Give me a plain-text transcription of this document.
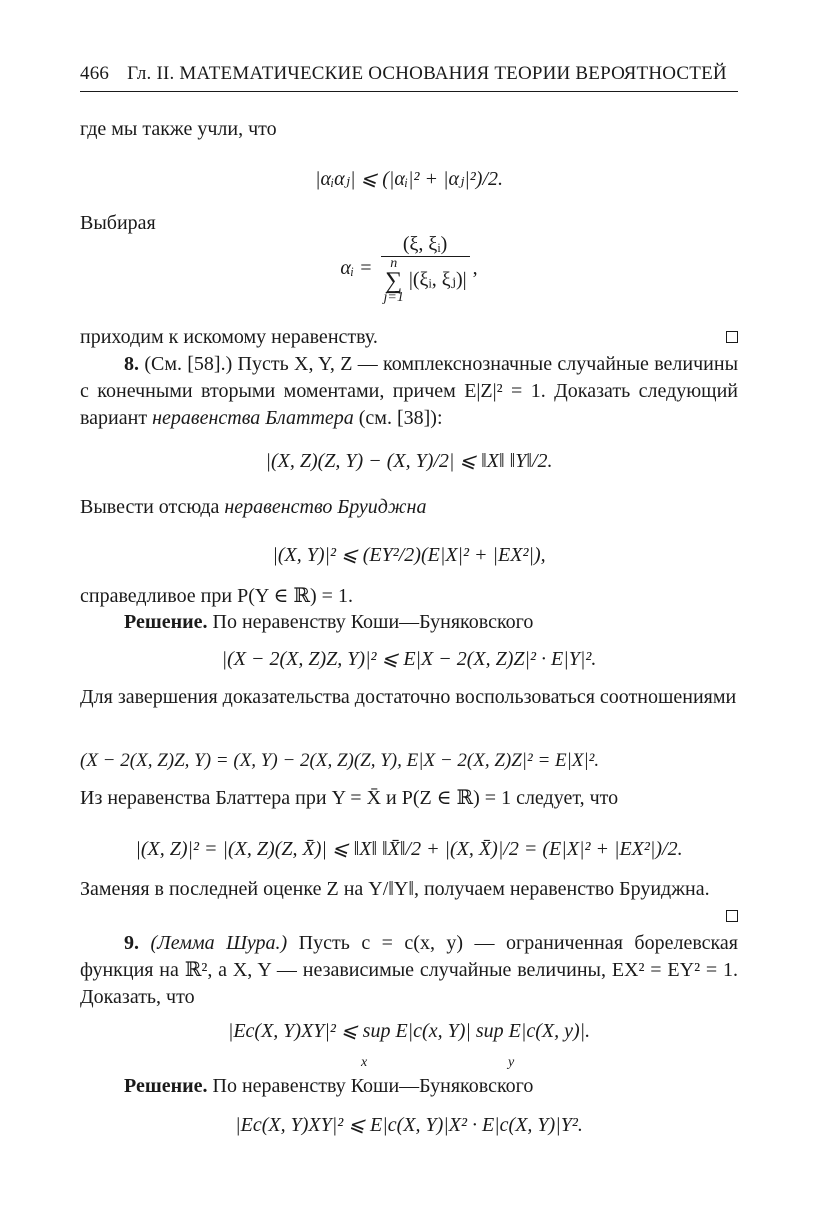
466 Гл. II. МАТЕМАТИЧЕСКИЕ ОСНОВАНИЯ ТЕОРИИ ВЕРОЯТНОСТЕЙ
где мы также учли, что
|αᵢαⱼ| ⩽ (|αᵢ|² + |αⱼ|²)/2.
Выбирая
αᵢ = (ξ, ξᵢ)
n
∑
j=1
|(ξᵢ, ξⱼ)| ,
приходим к искомому неравенству.
8. (См. [58].) Пусть X, Y, Z — комплекснозначные случайные величины с конечными вторыми моментами, причем E|Z|² = 1. Доказать следующий вариант неравенства Блаттера (см. [38]):
|(X, Z)(Z, Y) − (X, Y)/2| ⩽ ‖X‖ ‖Y‖/2.
Вывести отсюда неравенство Бруиджна
|(X, Y)|² ⩽ (EY²/2)(E|X|² + |EX²|),
справедливое при P(Y ∈ ℝ) = 1.
Решение. По неравенству Коши—Буняковского
|(X − 2(X, Z)Z, Y)|² ⩽ E|X − 2(X, Z)Z|² · E|Y|².
Для завершения доказательства достаточно воспользоваться соотношениями
(X − 2(X, Z)Z, Y) = (X, Y) − 2(X, Z)(Z, Y), E|X − 2(X, Z)Z|² = E|X|².
Из неравенства Блаттера при Y = X̄ и P(Z ∈ ℝ) = 1 следует, что
|(X, Z)|² = |(X, Z)(Z, X̄)| ⩽ ‖X‖ ‖X̄‖/2 + |(X, X̄)|/2 = (E|X|² + |EX²|)/2.
Заменяя в последней оценке Z на Y/‖Y‖, получаем неравенство Бруиджна.
9. (Лемма Шура.) Пусть c = c(x, y) — ограниченная борелевская функция на ℝ², а X, Y — независимые случайные величины, EX² = EY² = 1. Доказать, что
|Ec(X, Y)XY|² ⩽ sup E|c(x, Y)| sup E|c(X, y)|.
x	y
Решение. По неравенству Коши—Буняковского
|Ec(X, Y)XY|² ⩽ E|c(X, Y)|X² · E|c(X, Y)|Y².
